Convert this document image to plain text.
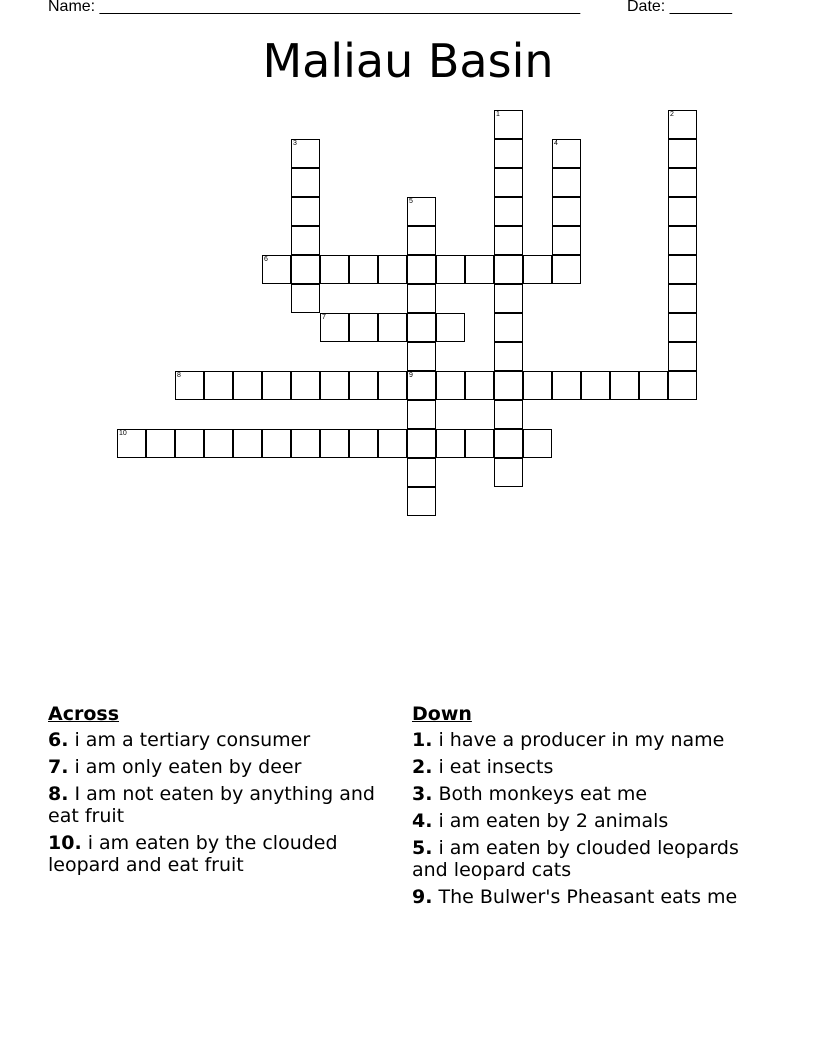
Name: ______________________________________________________	Date: _______
Maliau Basin
1	2
3	4
5
9
6
7
8
10
Across
6. i am a tertiary consumer
7. i am only eaten by deer
8. I am not eaten by anything and eat fruit
10. i am eaten by the clouded leopard and eat fruit
Down
1. i have a producer in my name
2. i eat insects
3. Both monkeys eat me
4. i am eaten by 2 animals
5. i am eaten by clouded leopards and leopard cats
9. The Bulwer's Pheasant eats me
